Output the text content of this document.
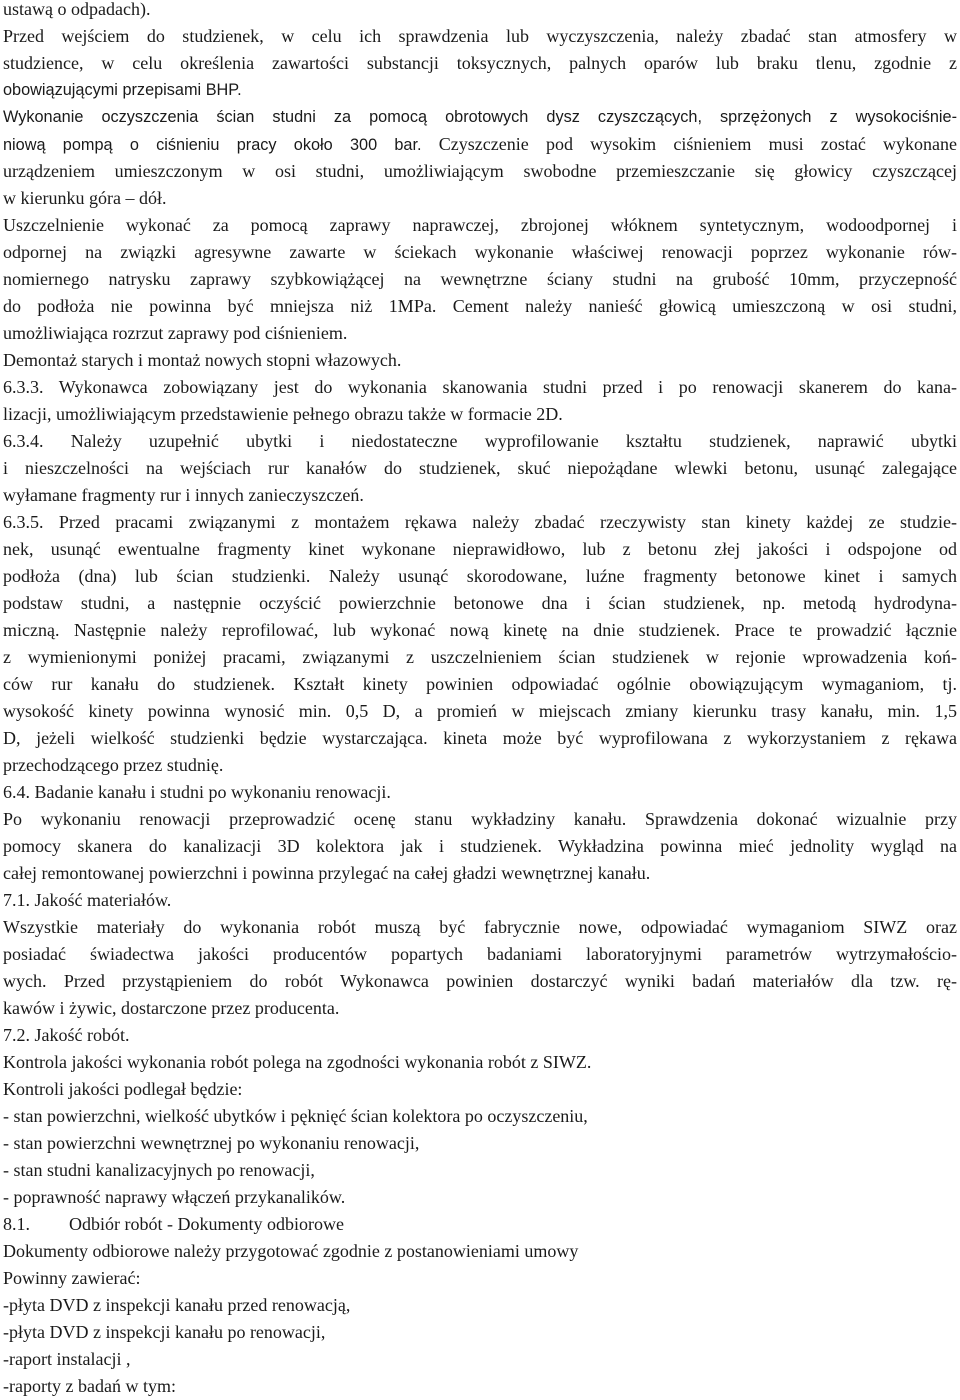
ustawą o odpadach).
Przed wejściem do studzienek, w celu ich sprawdzenia lub wyczyszczenia, należy zbadać stan atmosfery w
studzience, w celu określenia zawartości substancji toksycznych, palnych oparów lub braku tlenu, zgodnie z
obowiązującymi przepisami BHP.
Wykonanie oczyszczenia ścian studni za pomocą obrotowych dysz czyszczących, sprzężonych z wysokociśnie-
niową pompą o ciśnieniu pracy około 300 bar. Czyszczenie pod wysokim ciśnieniem musi zostać wykonane
urządzeniem umieszczonym w osi studni, umożliwiającym swobodne przemieszczanie się głowicy czyszczącej
w kierunku góra – dół.
Uszczelnienie wykonać za pomocą zaprawy naprawczej, zbrojonej włóknem syntetycznym, wodoodpornej i
odpornej na związki agresywne zawarte w ściekach wykonanie właściwej renowacji poprzez wykonanie rów-
nomiernego natrysku zaprawy szybkowiążącej na wewnętrzne ściany studni na grubość 10mm, przyczepność
do podłoża nie powinna być mniejsza niż 1MPa. Cement należy nanieść głowicą umieszczoną w osi studni,
umożliwiająca rozrzut zaprawy pod ciśnieniem.
Demontaż starych i montaż nowych stopni włazowych.
6.3.3. Wykonawca zobowiązany jest do wykonania skanowania studni przed i po renowacji skanerem do kana-
lizacji, umożliwiającym przedstawienie pełnego obrazu także w formacie 2D.
6.3.4. Należy uzupełnić ubytki i niedostateczne wyprofilowanie kształtu studzienek, naprawić ubytki
i nieszczelności na wejściach rur kanałów do studzienek, skuć niepożądane wlewki betonu, usunąć zalegające
wyłamane fragmenty rur i innych zanieczyszczeń.
6.3.5. Przed pracami związanymi z montażem rękawa należy zbadać rzeczywisty stan kinety każdej ze studzie-
nek, usunąć ewentualne fragmenty kinet wykonane nieprawidłowo, lub z betonu złej jakości i odspojone od
podłoża (dna) lub ścian studzienki. Należy usunąć skorodowane, luźne fragmenty betonowe kinet i samych
podstaw studni, a następnie oczyścić powierzchnie betonowe dna i ścian studzienek, np. metodą hydrodyna-
miczną. Następnie należy reprofilować, lub wykonać nową kinetę na dnie studzienek. Prace te prowadzić łącznie
z wymienionymi poniżej pracami, związanymi z uszczelnieniem ścian studzienek w rejonie wprowadzenia koń-
ców rur kanału do studzienek. Kształt kinety powinien odpowiadać ogólnie obowiązującym wymaganiom, tj.
wysokość kinety powinna wynosić min. 0,5 D, a promień w miejscach zmiany kierunku trasy kanału, min. 1,5
D, jeżeli wielkość studzienki będzie wystarczająca. kineta może być wyprofilowana z wykorzystaniem z rękawa
przechodzącego przez studnię.
6.4. Badanie kanału i studni po wykonaniu renowacji.
Po wykonaniu renowacji przeprowadzić ocenę stanu wykładziny kanału. Sprawdzenia dokonać wizualnie przy
pomocy skanera do kanalizacji 3D kolektora jak i studzienek. Wykładzina powinna mieć jednolity wygląd na
całej remontowanej powierzchni i powinna przylegać na całej gładzi wewnętrznej kanału.
7.1. Jakość materiałów.
Wszystkie materiały do wykonania robót muszą być fabrycznie nowe, odpowiadać wymaganiom SIWZ oraz
posiadać świadectwa jakości producentów popartych badaniami laboratoryjnymi parametrów wytrzymałościo-
wych. Przed przystąpieniem do robót Wykonawca powinien dostarczyć wyniki badań materiałów dla tzw. rę-
kawów i żywic, dostarczone przez producenta.
7.2. Jakość robót.
Kontrola jakości wykonania robót polega na zgodności wykonania robót z SIWZ.
Kontroli jakości podlegał będzie:
- stan powierzchni, wielkość ubytków i pęknięć ścian kolektora po oczyszczeniu,
- stan powierzchni wewnętrznej po wykonaniu renowacji,
- stan studni kanalizacyjnych po renowacji,
- poprawność naprawy włączeń przykanalików.
8.1. Odbiór robót - Dokumenty odbiorowe
Dokumenty odbiorowe należy przygotować zgodnie z postanowieniami umowy
Powinny zawierać:
-płyta DVD z inspekcji kanału przed renowacją,
-płyta DVD z inspekcji kanału po renowacji,
-raport instalacji ,
-raporty z badań w tym:
